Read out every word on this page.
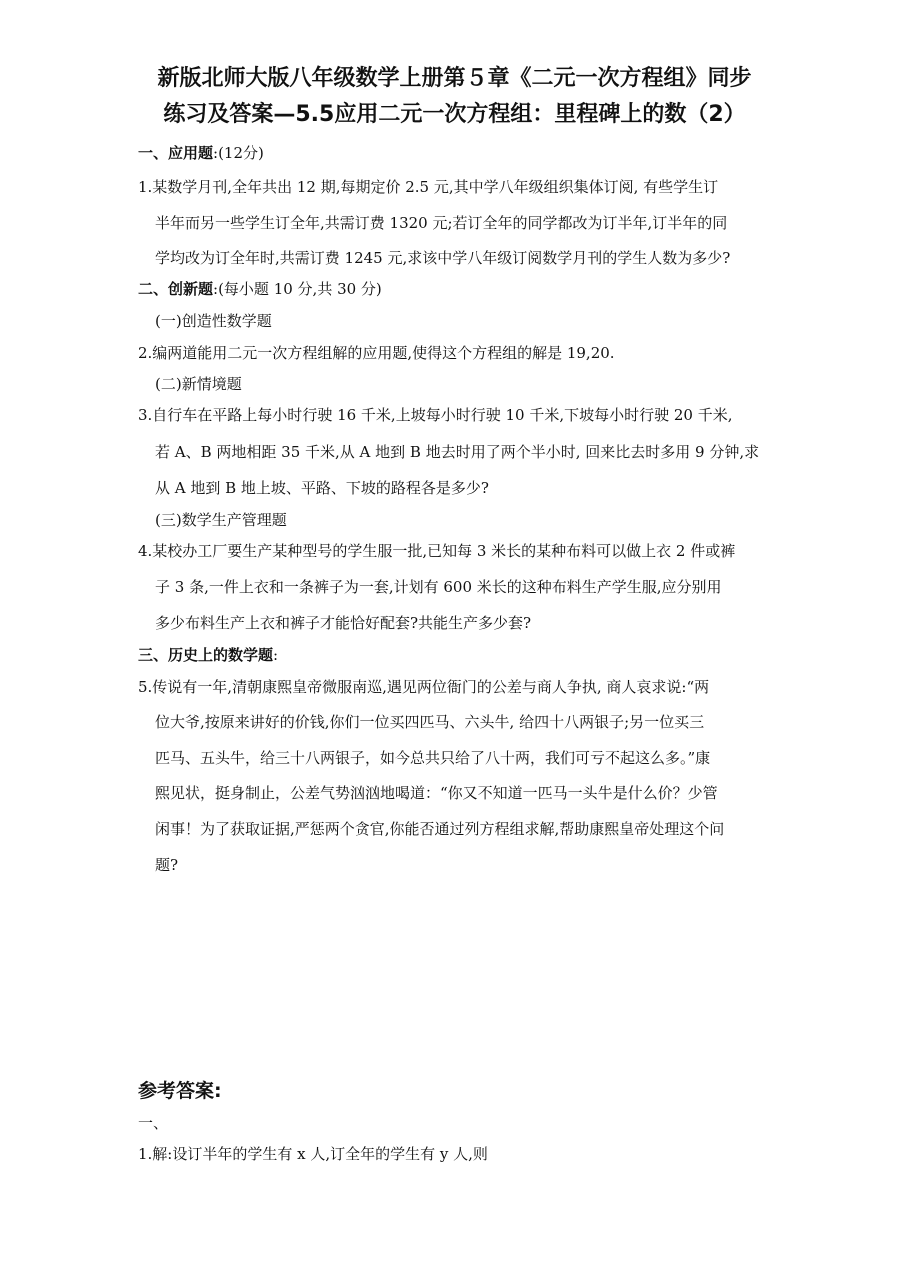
新版北师大版八年级数学上册第５章《二元一次方程组》同步
练习及答案—5.5应用二元一次方程组：里程碑上的数（2）
一、应用题:(12分)
1.某数学月刊,全年共出 12 期,每期定价 2.5 元,其中学八年级组织集体订阅, 有些学生订
半年而另一些学生订全年,共需订费 1320 元;若订全年的同学都改为订半年,订半年的同
学均改为订全年时,共需订费 1245 元,求该中学八年级订阅数学月刊的学生人数为多少?
二、创新题:(每小题 10 分,共 30 分)
(一)创造性数学题
2.编两道能用二元一次方程组解的应用题,使得这个方程组的解是 19,20.
(二)新情境题
3.自行车在平路上每小时行驶 16 千米,上坡每小时行驶 10 千米,下坡每小时行驶 20 千米,
若 A、B 两地相距 35 千米,从 A 地到 B 地去时用了两个半小时, 回来比去时多用 9 分钟,求
从 A 地到 B 地上坡、平路、下坡的路程各是多少?
(三)数学生产管理题
4.某校办工厂要生产某种型号的学生服一批,已知每 3 米长的某种布料可以做上衣 2 件或裤
子 3 条,一件上衣和一条裤子为一套,计划有 600 米长的这种布料生产学生服,应分别用
多少布料生产上衣和裤子才能恰好配套?共能生产多少套?
三、历史上的数学题:
5.传说有一年,清朝康熙皇帝微服南巡,遇见两位衙门的公差与商人争执, 商人哀求说:“两
位大爷,按原来讲好的价钱,你们一位买四匹马、六头牛, 给四十八两银子;另一位买三
匹马、五头牛，给三十八两银子，如今总共只给了八十两，我们可亏不起这么多。”康
熙见状，挺身制止，公差气势汹汹地喝道：“你又不知道一匹马一头牛是什么价？少管
闲事！为了获取证据,严惩两个贪官,你能否通过列方程组求解,帮助康熙皇帝处理这个问
题?
参考答案:
一、
1.解:设订半年的学生有 x 人,订全年的学生有 y 人,则
